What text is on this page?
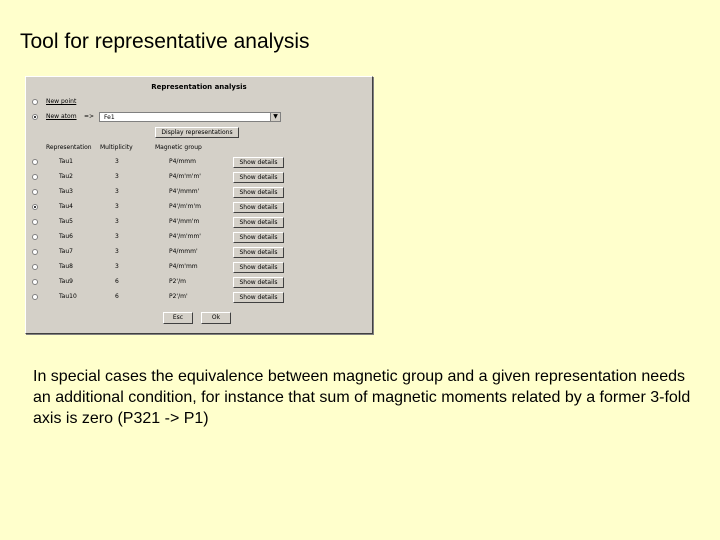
Tool for representative analysis
Representation analysis
New point
New atom => Fe1	▼
Display representations
Representation Multiplicity	Magnetic group
Tau1	3	P4/mmm	Show details
Tau2	3	P4/m'm'm'	Show details
Tau3	3	P4'/mmm'	Show details
Tau4	3	P4'/m'm'm	Show details
Tau5	3	P4'/mm'm	Show details
Tau6	3	P4'/m'mm'	Show details
Tau7	3	P4/mmm'	Show details
Tau8	3	P4/m'mm	Show details
Tau9	6	P2'/m	Show details
Tau10	6	P2'/m'	Show details
Esc	Ok
In special cases the equivalence between magnetic group and a given representation needs an additional condition, for instance that sum of magnetic moments related by a former 3-fold axis is zero (P321 -> P1)
